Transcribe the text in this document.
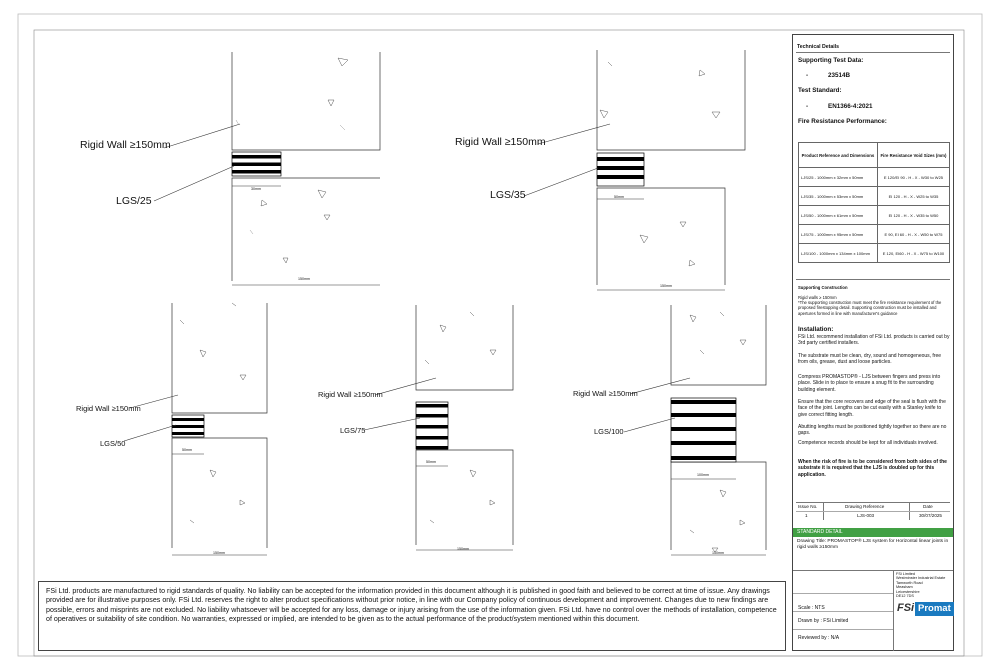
Rigid Wall ≥150mm
LGS/25
30mm
150mm
Rigid Wall ≥150mm
LGS/35	50mm
150mm
Rigid Wall ≥150mm
LGS/50
50mm
150mm
Rigid Wall ≥150mm
LGS/75
50mm
150mm
Rigid Wall ≥150mm
LGS/100
100mm
150mm
Technical Details
Supporting Test Data:
-	23514B
Test Standard:
-	EN1366-4:2021
Fire Resistance Performance:
Product Reference and Dimensions	Fire Resistance Void Sizes (mm)
LJS/25 - 1000mm x 32mm x 50mm	E 120/EI 90 - H - X - W30 to W25
LJS/35 - 1000mm x 53mm x 50mm	EI 120 - H - X - W25 to W35
LJS/50 - 1000mm x 61mm x 50mm	EI 120 - H - X - W35 to W50
LJS/75 - 1000mm x 95mm x 50mm	E 90, EI 60 - H - X - W50 to W75
LJS/100 - 1000mm x 134mm x 100mm	E 120, EI60 - H - X - W75 to W100
Supporting Construction
Rigid walls ≥ 150mm
*The supporting construction must meet the fire resistance requirement of the proposed firestopping detail. Supporting construction must be installed and apertures formed in line with manufacturer's guidance
Installation:
FSi Ltd. recommend installation of FSi Ltd. products is carried out by 3rd party certified installers.
The substrate must be clean, dry, sound and homogeneous, free from oils, grease, dust and loose particles.
Compress PROMASTOP® - LJS between fingers and press into place. Slide in to place to ensure a snug fit to the surrounding building element.
Ensure that the core recovers and edge of the seal is flush with the face of the joint. Lengths can be cut easily with a Stanley knife to give correct fitting length.
Abutting lengths must be positioned tightly together so there are no gaps.
Competence records should be kept for all individuals involved.
When the risk of fire is to be considered from both sides of the substrate it is required that the LJS is doubled up for this application.
Issue No.	Drawing Reference	Date
1	LJS-003	30/07/2025
STANDARD DETAIL
Drawing Title: PROMASTOP® LJS system for Horizontal linear joints in rigid walls ≥150mm
Scale : NTS
Drawn by : FSi Limited
Reviewed by : N/A
FSi Limited
Westminster Industrial Estate
Tamworth Road
Measham
Leicestershire
DE12 7DS
FSi Promat
FSi Ltd. products are manufactured to rigid standards of quality. No liability can be accepted for the information provided in this document although it is published in good faith and believed to be correct at time of issue. Any drawings provided are for illustrative purposes only. FSi Ltd. reserves the right to alter product specifications without prior notice, in line with our Company policy of continuous development and improvement. Changes due to new findings are possible, errors and misprints are not excluded. No liability whatsoever will be accepted for any loss, damage or injury arising from the use of the information given. FSi Ltd. have no control over the methods of installation, competence of operatives or suitability of site condition. No warranties, expressed or implied, are intended to be given as to the actual performance of the product/system mentioned within this document.
